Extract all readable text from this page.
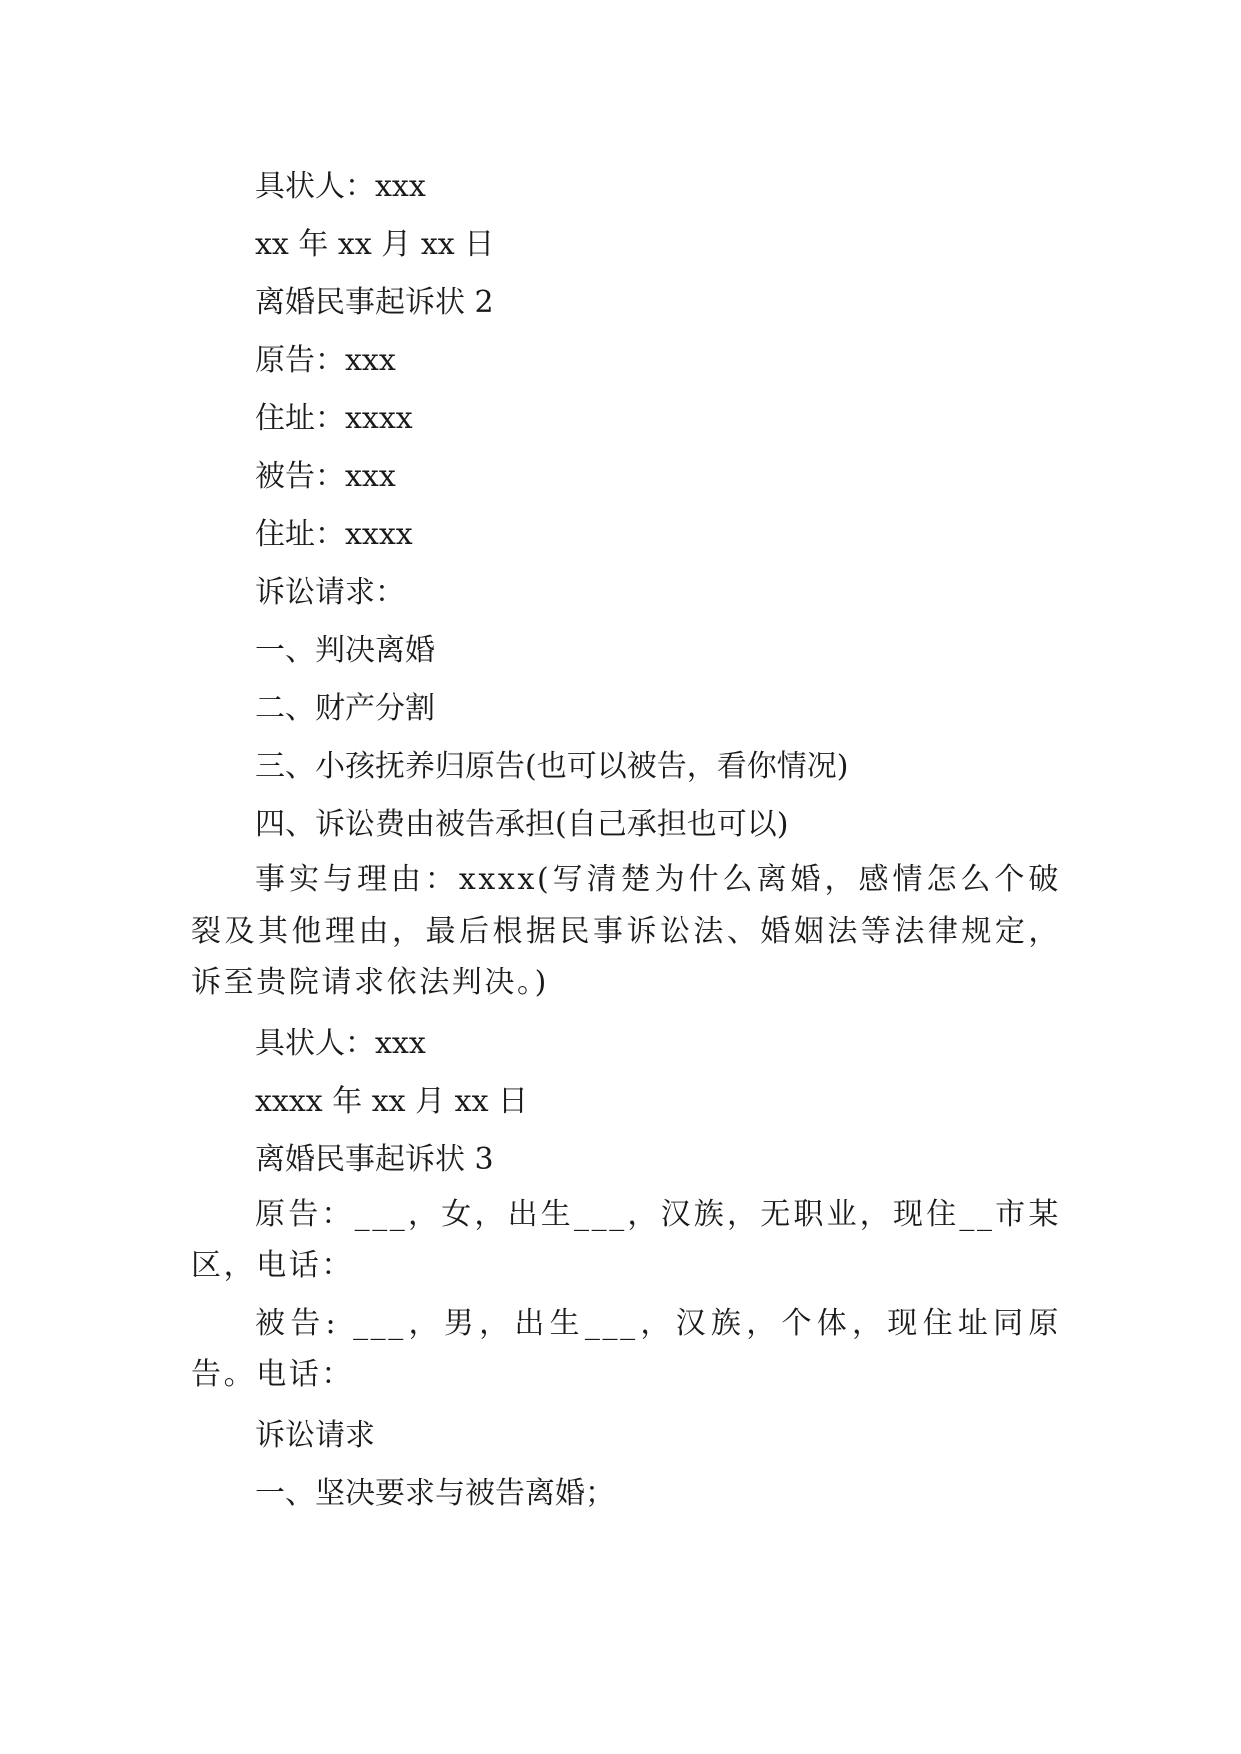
具状人：xxx

xx 年 xx 月 xx 日

离婚民事起诉状 2

原告：xxx

住址：xxxx

被告：xxx

住址：xxxx

诉讼请求：

一、判决离婚

二、财产分割

三、小孩抚养归原告(也可以被告，看你情况)

四、诉讼费由被告承担(自己承担也可以)

事实与理由：xxxx(写清楚为什么离婚，感情怎么个破裂及其他理由，最后根据民事诉讼法、婚姻法等法律规定，诉至贵院请求依法判决。)

具状人：xxx

xxxx 年 xx 月 xx 日

离婚民事起诉状 3

原告：___，女，出生___，汉族，无职业，现住__市某区，电话：

被告: ___，男，出生___，汉族，个体，现住址同原告。电话：

诉讼请求

一、坚决要求与被告离婚；
